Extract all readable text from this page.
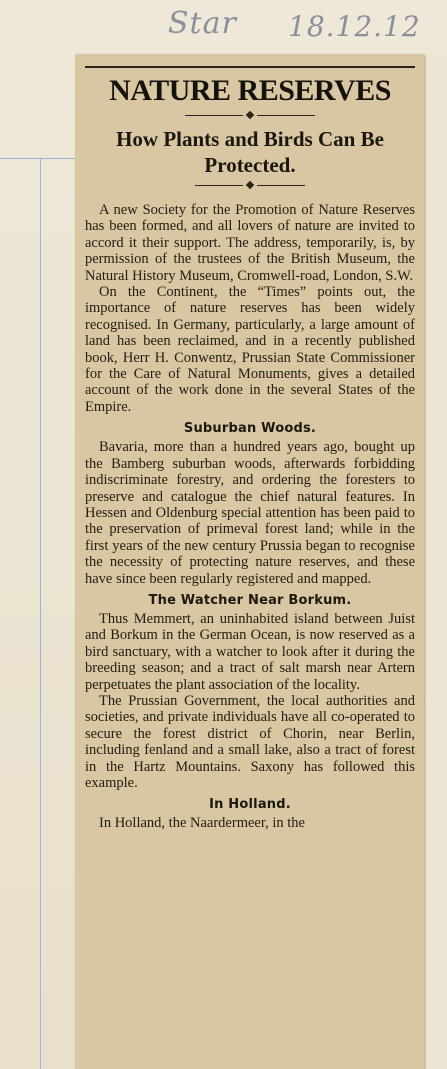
Star 18.12.12
NATURE RESERVES
How Plants and Birds Can Be Protected.

A new Society for the Promotion of Nature Reserves has been formed, and all lovers of nature are invited to accord it their support. The address, temporarily, is, by permission of the trustees of the British Museum, the Natural History Museum, Cromwell-road, London, S.W.

On the Continent, the “Times” points out, the importance of nature reserves has been widely recognised. In Germany, particularly, a large amount of land has been reclaimed, and in a recently published book, Herr H. Conwentz, Prussian State Commissioner for the Care of Natural Monuments, gives a detailed account of the work done in the several States of the Empire.

Suburban Woods.

Bavaria, more than a hundred years ago, bought up the Bamberg suburban woods, afterwards forbidding indiscriminate forestry, and ordering the foresters to preserve and catalogue the chief natural features. In Hessen and Oldenburg special attention has been paid to the preservation of primeval forest land; while in the first years of the new century Prussia began to recognise the necessity of protecting nature reserves, and these have since been regularly registered and mapped.

The Watcher Near Borkum.

Thus Memmert, an uninhabited island between Juist and Borkum in the German Ocean, is now reserved as a bird sanctuary, with a watcher to look after it during the breeding season; and a tract of salt marsh near Artern perpetuates the plant association of the locality.

The Prussian Government, the local authorities and societies, and private individuals have all co-operated to secure the forest district of Chorin, near Berlin, including fenland and a small lake, also a tract of forest in the Hartz Mountains. Saxony has followed this example.

In Holland.

In Holland, the Naardermeer, in the
